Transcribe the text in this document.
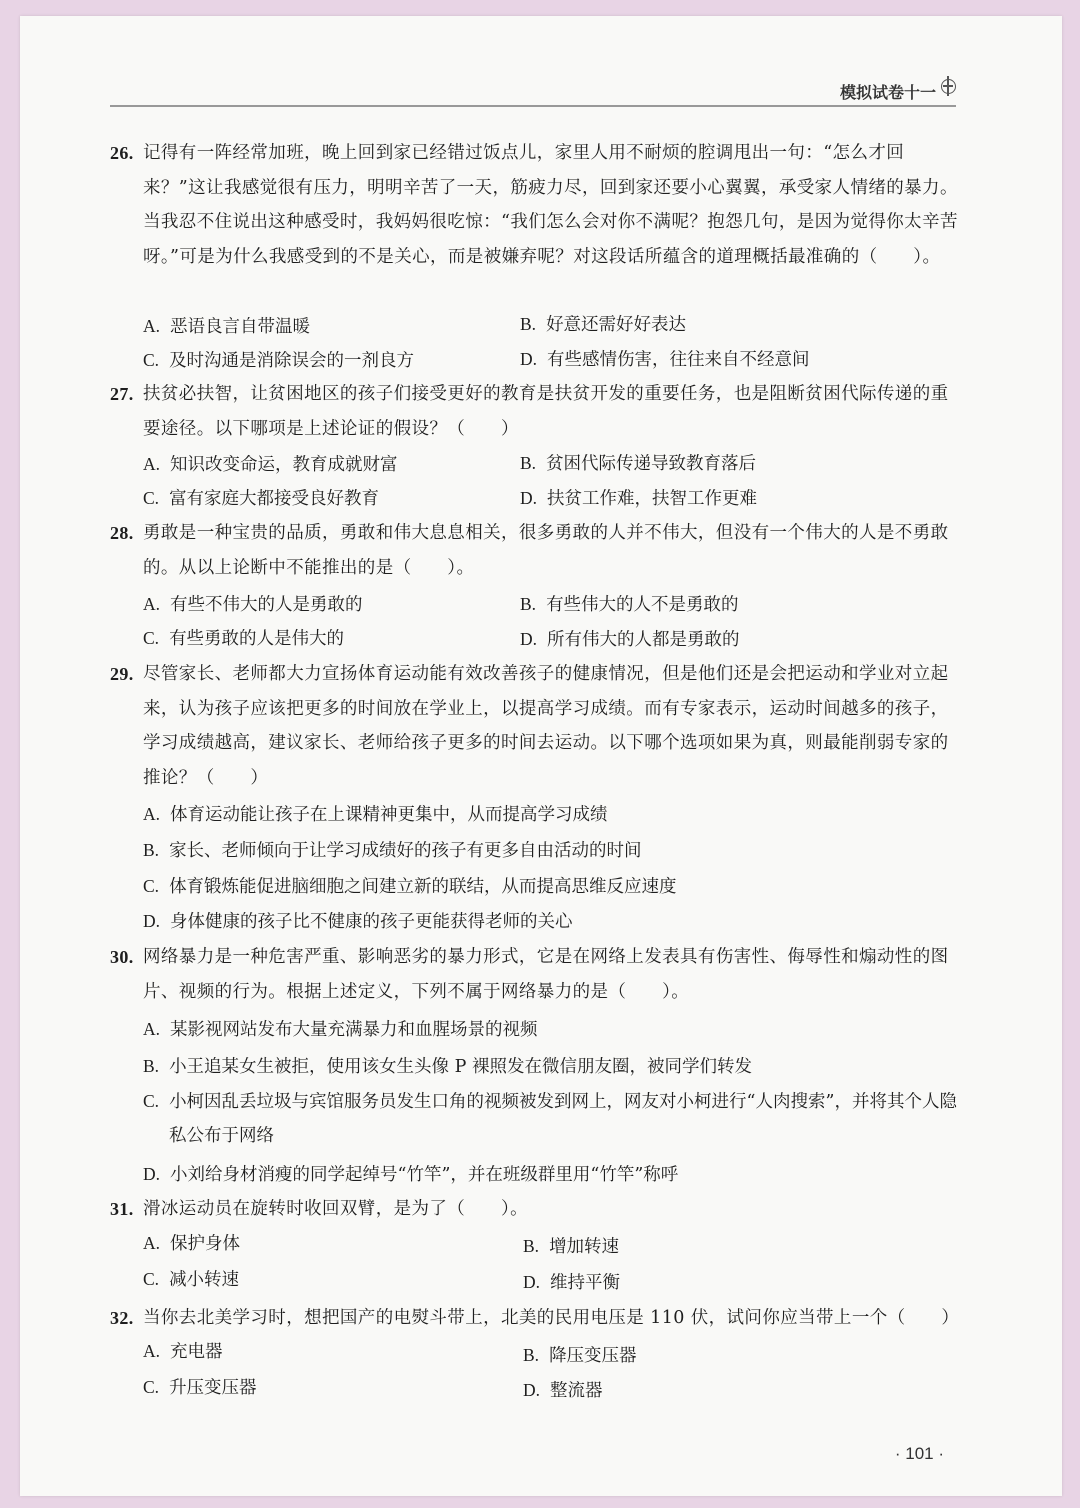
模拟试卷十一
26. 记得有一阵经常加班，晚上回到家已经错过饭点儿，家里人用不耐烦的腔调甩出一句：“怎么才回来？”这让我感觉很有压力，明明辛苦了一天，筋疲力尽，回到家还要小心翼翼，承受家人情绪的暴力。当我忍不住说出这种感受时，我妈妈很吃惊：“我们怎么会对你不满呢？抱怨几句，是因为觉得你太辛苦呀。”可是为什么我感受到的不是关心，而是被嫌弃呢？对这段话所蕴含的道理概括最准确的（　　）。

A. 恶语良言自带温暖	B. 好意还需好好表达
C. 及时沟通是消除误会的一剂良方	D. 有些感情伤害，往往来自不经意间
27. 扶贫必扶智，让贫困地区的孩子们接受更好的教育是扶贫开发的重要任务，也是阻断贫困代际传递的重要途径。以下哪项是上述论证的假设？（　　）

A. 知识改变命运，教育成就财富	B. 贫困代际传递导致教育落后
C. 富有家庭大都接受良好教育	D. 扶贫工作难，扶智工作更难
28. 勇敢是一种宝贵的品质，勇敢和伟大息息相关，很多勇敢的人并不伟大，但没有一个伟大的人是不勇敢的。从以上论断中不能推出的是（　　）。

A. 有些不伟大的人是勇敢的	B. 有些伟大的人不是勇敢的
C. 有些勇敢的人是伟大的	D. 所有伟大的人都是勇敢的
29. 尽管家长、老师都大力宣扬体育运动能有效改善孩子的健康情况，但是他们还是会把运动和学业对立起来，认为孩子应该把更多的时间放在学业上，以提高学习成绩。而有专家表示，运动时间越多的孩子，学习成绩越高，建议家长、老师给孩子更多的时间去运动。以下哪个选项如果为真，则最能削弱专家的推论？（　　）

A. 体育运动能让孩子在上课精神更集中，从而提高学习成绩
B. 家长、老师倾向于让学习成绩好的孩子有更多自由活动的时间
C. 体育锻炼能促进脑细胞之间建立新的联结，从而提高思维反应速度
D. 身体健康的孩子比不健康的孩子更能获得老师的关心
30. 网络暴力是一种危害严重、影响恶劣的暴力形式，它是在网络上发表具有伤害性、侮辱性和煽动性的图片、视频的行为。根据上述定义，下列不属于网络暴力的是（　　）。

A. 某影视网站发布大量充满暴力和血腥场景的视频
B. 小王追某女生被拒，使用该女生头像 P 裸照发在微信朋友圈，被同学们转发
C. 小柯因乱丢垃圾与宾馆服务员发生口角的视频被发到网上，网友对小柯进行“人肉搜索”，并将其个人隐私公布于网络
D. 小刘给身材消瘦的同学起绰号“竹竿”，并在班级群里用“竹竿”称呼
31. 滑冰运动员在旋转时收回双臂，是为了（　　）。

A. 保护身体	B. 增加转速
C. 减小转速	D. 维持平衡
32. 当你去北美学习时，想把国产的电熨斗带上，北美的民用电压是 110 伏，试问你应当带上一个（　　）

A. 充电器	B. 降压变压器
C. 升压变压器	D. 整流器
· 101 ·
